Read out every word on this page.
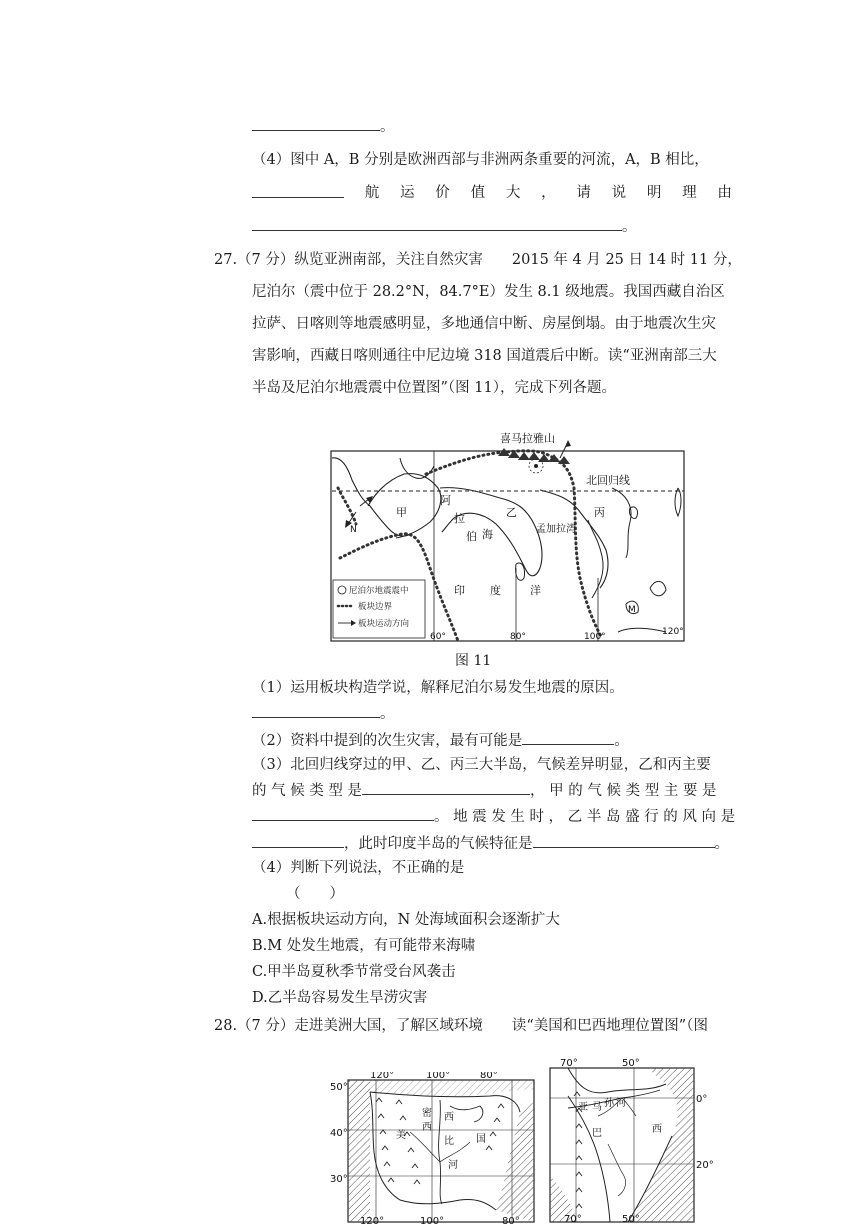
。
（4）图中 A，B 分别是欧洲西部与非洲两条重要的河流，A，B 相比，
航 运 价 值 大 ， 请 说 明 理 由
。
27.（7 分）纵览亚洲南部，关注自然灾害　　2015 年 4 月 25 日 14 时 11 分，
尼泊尔（震中位于 28.2°N，84.7°E）发生 8.1 级地震。我国西藏自治区
拉萨、日喀则等地震感明显，多地通信中断、房屋倒塌。由于地震次生灾
害影响，西藏日喀则通往中尼边境 318 国道震后中断。读“亚洲南部三大
半岛及尼泊尔地震震中位置图”（图 11），完成下列各题。
尼泊尔地震震中
板块边界
板块运动方向
喜马拉雅山
北回归线
甲	乙	丙
阿
拉
伯 海	孟加拉湾
印 度	洋
M
N
60°	80°	100°	120°
图 11
（1）运用板块构造学说，解释尼泊尔易发生地震的原因。
。
（2）资料中提到的次生灾害，最有可能是	。
（3）北回归线穿过的甲、乙、丙三大半岛，气候差异明显，乙和丙主要
的 气 候 类 型 是	， 甲 的 气 候 类 型 主 要 是
。 地 震 发 生 时 ， 乙 半 岛 盛 行 的 风 向 是
，此时印度半岛的气候特征是	。
（4）判断下列说法，不正确的是
（　　）
A.根据板块运动方向，N 处海域面积会逐渐扩大
B.M 处发生地震，有可能带来海啸
C.甲半岛夏秋季节常受台风袭击
D.乙半岛容易发生旱涝灾害
28.（7 分）走进美洲大国，了解区域环境　　读“美国和巴西地理位置图”（图
50°
40°
30°
120°	100°	80°
120°	100°	80°
密
西
西
比
河
美	国
70°	50°
70°	50°
0°
20°
亚 马 孙 河
巴	西
